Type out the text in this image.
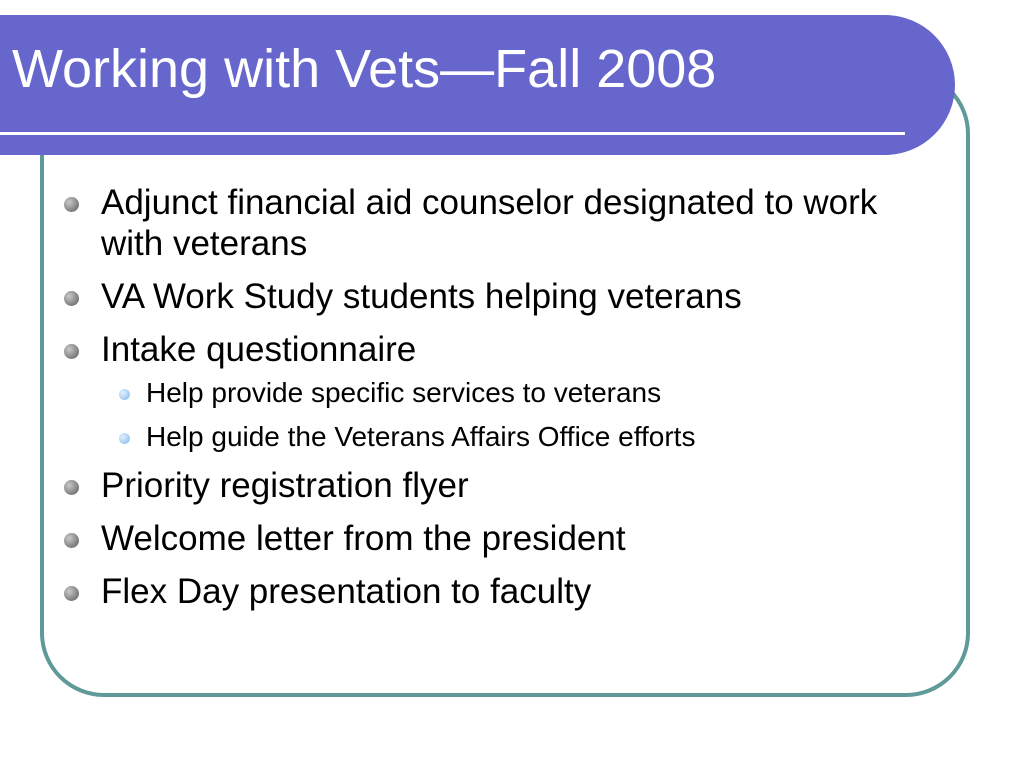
Working with Vets—Fall 2008
Adjunct financial aid counselor designated to work with veterans
VA Work Study students helping veterans
Intake questionnaire
Help provide specific services to veterans
Help guide the Veterans Affairs Office efforts
Priority registration flyer
Welcome letter from the president
Flex Day presentation to faculty
